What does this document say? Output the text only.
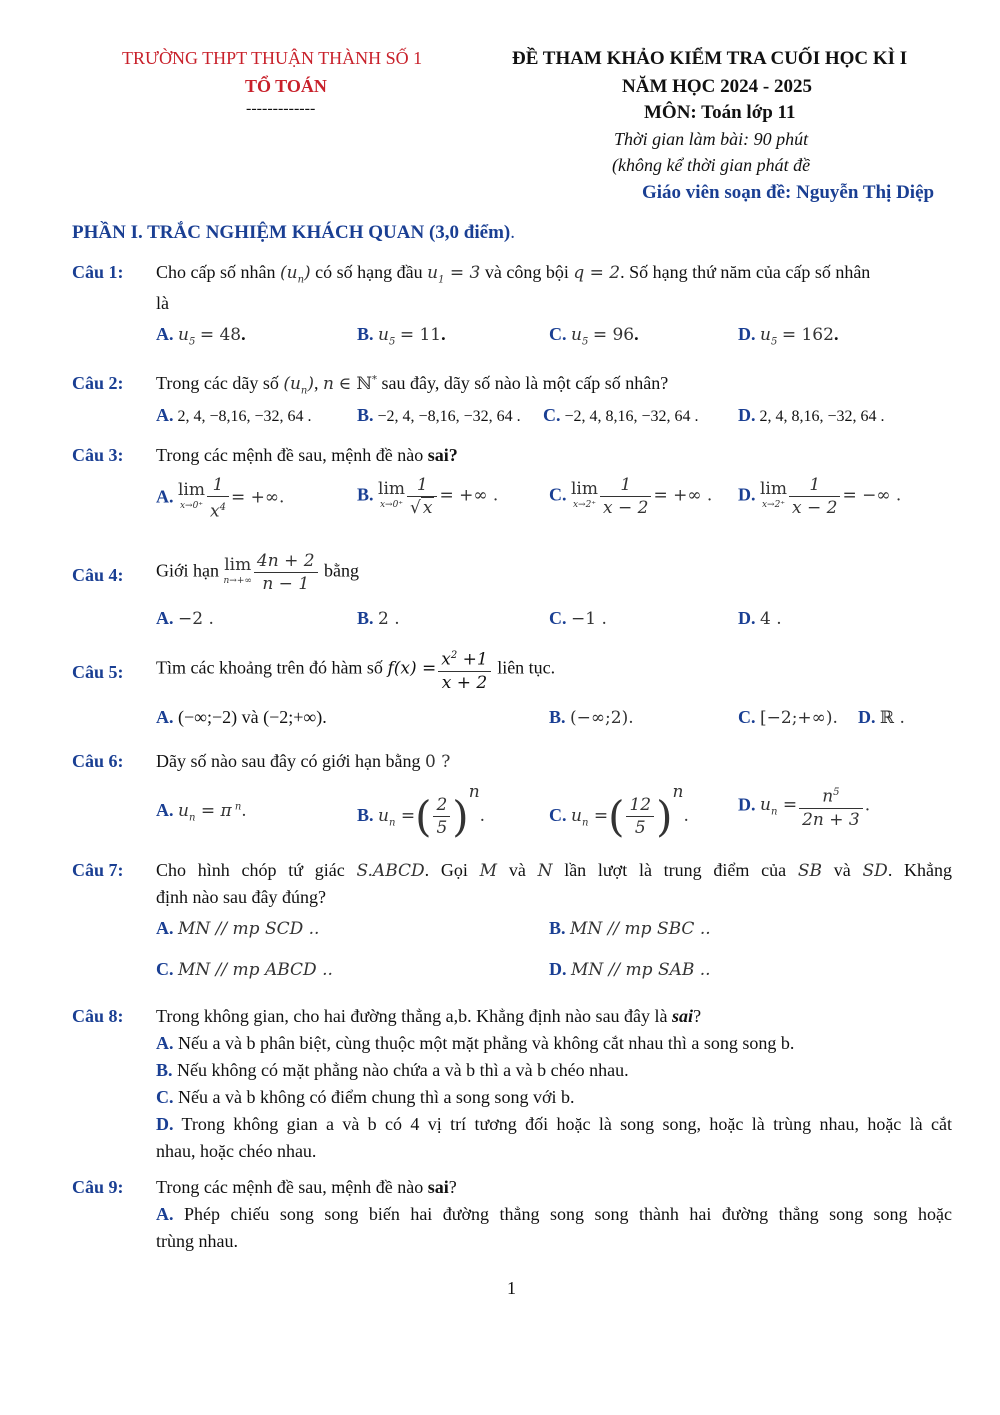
TRƯỜNG THPT THUẬN THÀNH SỐ 1
TỔ TOÁN
-------------
ĐỀ THAM KHẢO KIỂM TRA CUỐI HỌC KÌ I
NĂM HỌC 2024 - 2025
MÔN: Toán lớp 11
Thời gian làm bài: 90 phút
(không kể thời gian phát đề
Giáo viên soạn đề: Nguyễn Thị Diệp
PHẦN I. TRẮC NGHIỆM KHÁCH QUAN (3,0 điểm).
Câu 1: Cho cấp số nhân $(u_n)$ có số hạng đầu $u_1 = 3$ và công bội q = 2. Số hạng thứ năm của cấp số nhân
là
A. $u_5 = 48$.	B. $u_5 = 11$.	C. $u_5 = 96$.	D. $u_5 = 162$.
Câu 2: Trong các dãy số $(u_n)$, n ∈ ℕ* sau đây, dãy số nào là một cấp số nhân?
A. 2, 4, −8,16, −32, 64 .	B. −2, 4, −8,16, −32, 64 . C. −2, 4, 8,16, −32, 64 . D. 2, 4, 8,16, −32, 64 .
Câu 3: Trong các mệnh đề sau, mệnh đề nào sai?
A. lim
$x\to 0^+ \frac{1}{x^4}$ = +∞.	B. lim
$x\to 0^+ \frac{1}{√ x}$ = +∞ .	C. lim
$x\to 2^+ \frac{1}{x - 2}$ = +∞ . D. lim
$x\to 2^+ \frac{1}{x - 2}$ = −∞ .
Câu 4: Giới hạn lim
$n\to+\infty \frac{4n + 2}{n - 1}$ bằng
A. −2 .	B. 2 .	C. −1 .	D. 4 .
Câu 5: Tìm các khoảng trên đó hàm số $f(x) = \frac{x^2 +1}{x + 2}$ liên tục.
A. (−∞;−2) và (−2;+∞).	B. (−∞;2).	C. [−2;+∞). D. ℝ .
Câu 6: Dãy số nào sau đây có giới hạn bằng 0 ?
A. $u_n = \pi$ $^n$.	B. $u_n$ =( $\frac{2}{5} )^n$.	C. $u_n$ =( $\frac{12}{5} )^n$.
D. $u_n = \frac{n^5}{2n + 3}$ .
Câu 7: Cho hình chóp tứ giác S.ABCD. Gọi M và N lần lượt là trung điểm của SB và SD. Khẳng
định nào sau đây đúng?
A. MN // mp SCD ..	B. MN // mp SBC ..
C. MN // mp ABCD ..	D. MN // mp SAB ..
Câu 8: Trong không gian, cho hai đường thẳng a,b. Khẳng định nào sau đây là sai?
A. Nếu a và b phân biệt, cùng thuộc một mặt phẳng và không cắt nhau thì a song song b.
B. Nếu không có mặt phẳng nào chứa a và b thì a và b chéo nhau.
C. Nếu a và b không có điểm chung thì a song song với b.
D. Trong không gian a và b có 4 vị trí tương đối hoặc là song song, hoặc là trùng nhau, hoặc là cắt
nhau, hoặc chéo nhau.
Câu 9: Trong các mệnh đề sau, mệnh đề nào sai?
A. Phép chiếu song song biến hai đường thẳng song song thành hai đường thẳng song song hoặc
trùng nhau.
1
